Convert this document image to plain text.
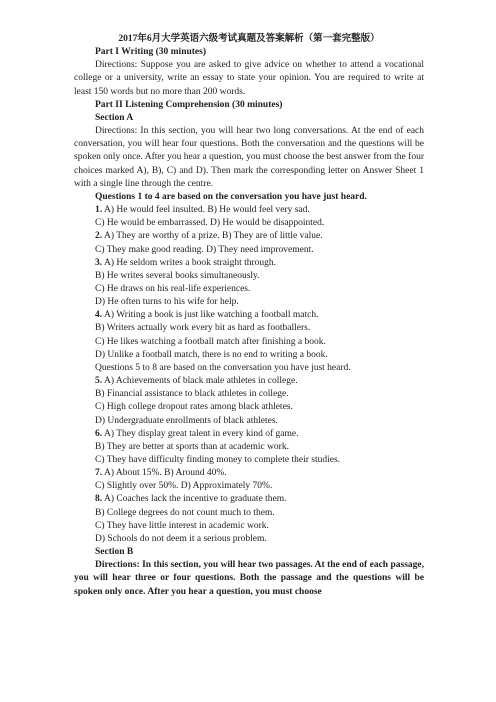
2017年6月大学英语六级考试真题及答案解析（第一套完整版）
Part I Writing (30 minutes)
Directions: Suppose you are asked to give advice on whether to attend a vocational college or a university, write an essay to state your opinion. You are required to write at least 150 words but no more than 200 words.
Part II Listening Comprehension (30 minutes)
Section A
Directions: In this section, you will hear two long conversations. At the end of each conversation, you will hear four questions. Both the conversation and the questions will be spoken only once. After you hear a question, you must choose the best answer from the four choices marked A), B), C) and D). Then mark the corresponding letter on Answer Sheet 1 with a single line through the centre.
Questions 1 to 4 are based on the conversation you have just heard.
1. A) He would feel insulted. B) He would feel very sad.
C) He would be embarrassed. D) He would be disappointed.
2. A) They are worthy of a prize. B) They are of little value.
C) They make good reading. D) They need improvement.
3. A) He seldom writes a book straight through.
B) He writes several books simultaneously.
C) He draws on his real-life experiences.
D) He often turns to his wife for help.
4. A) Writing a book is just like watching a football match.
B) Writers actually work every bit as hard as footballers.
C) He likes watching a football match after finishing a book.
D) Unlike a football match, there is no end to writing a book.
Questions 5 to 8 are based on the conversation you have just heard.
5. A) Achievements of black male athletes in college.
B) Financial assistance to black athletes in college.
C) High college dropout rates among black athletes.
D) Undergraduate enrollments of black athletes.
6. A) They display great talent in every kind of game.
B) They are better at sports than at academic work.
C) They have difficulty finding money to complete their studies.
7. A) About 15%. B) Around 40%.
C) Slightly over 50%. D) Approximately 70%.
8. A) Coaches lack the incentive to graduate them.
B) College degrees do not count much to them.
C) They have little interest in academic work.
D) Schools do not deem it a serious problem.
Section B
Directions: In this section, you will hear two passages. At the end of each passage, you will hear three or four questions. Both the passage and the questions will be spoken only once. After you hear a question, you must choose
